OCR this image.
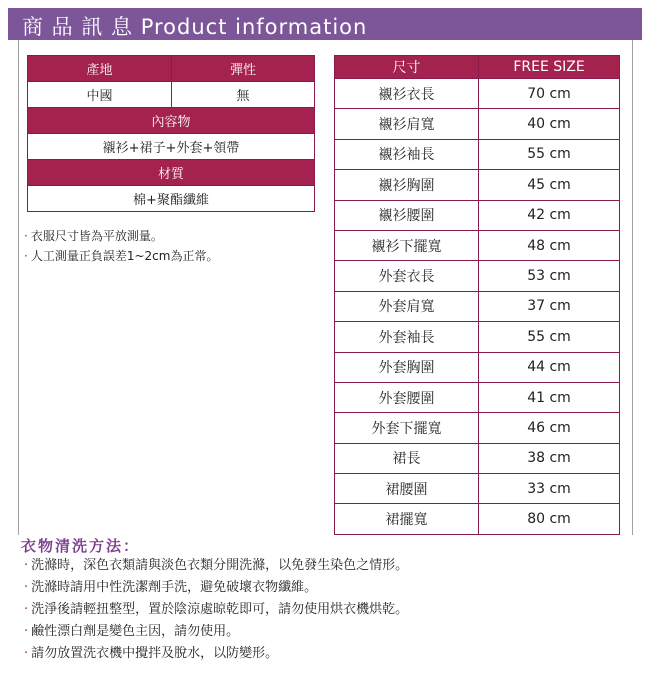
商 品 訊 息 Product information
產地	彈性
中國	無
內容物	
襯衫+裙子+外套+領帶	
材質	
棉+聚酯纖維	
· 衣服尺寸皆為平放測量。
· 人工測量正負誤差1~2cm為正常。
尺寸	FREE SIZE
襯衫衣長	70 cm
襯衫肩寬	40 cm
襯衫袖長	55 cm
襯衫胸圍	45 cm
襯衫腰圍	42 cm
襯衫下擺寬	48 cm
外套衣長	53 cm
外套肩寬	37 cm
外套袖長	55 cm
外套胸圍	44 cm
外套腰圍	41 cm
外套下擺寬	46 cm
裙長	38 cm
裙腰圍	33 cm
裙擺寬	80 cm
衣物清洗方法：
· 洗滌時，深色衣類請與淡色衣類分開洗滌，以免發生染色之情形。
· 洗滌時請用中性洗潔劑手洗，避免破壞衣物纖維。
· 洗淨後請輕扭整型，置於陰涼處晾乾即可，請勿使用烘衣機烘乾。
· 鹼性漂白劑是變色主因，請勿使用。
· 請勿放置洗衣機中攪拌及脫水，以防變形。
